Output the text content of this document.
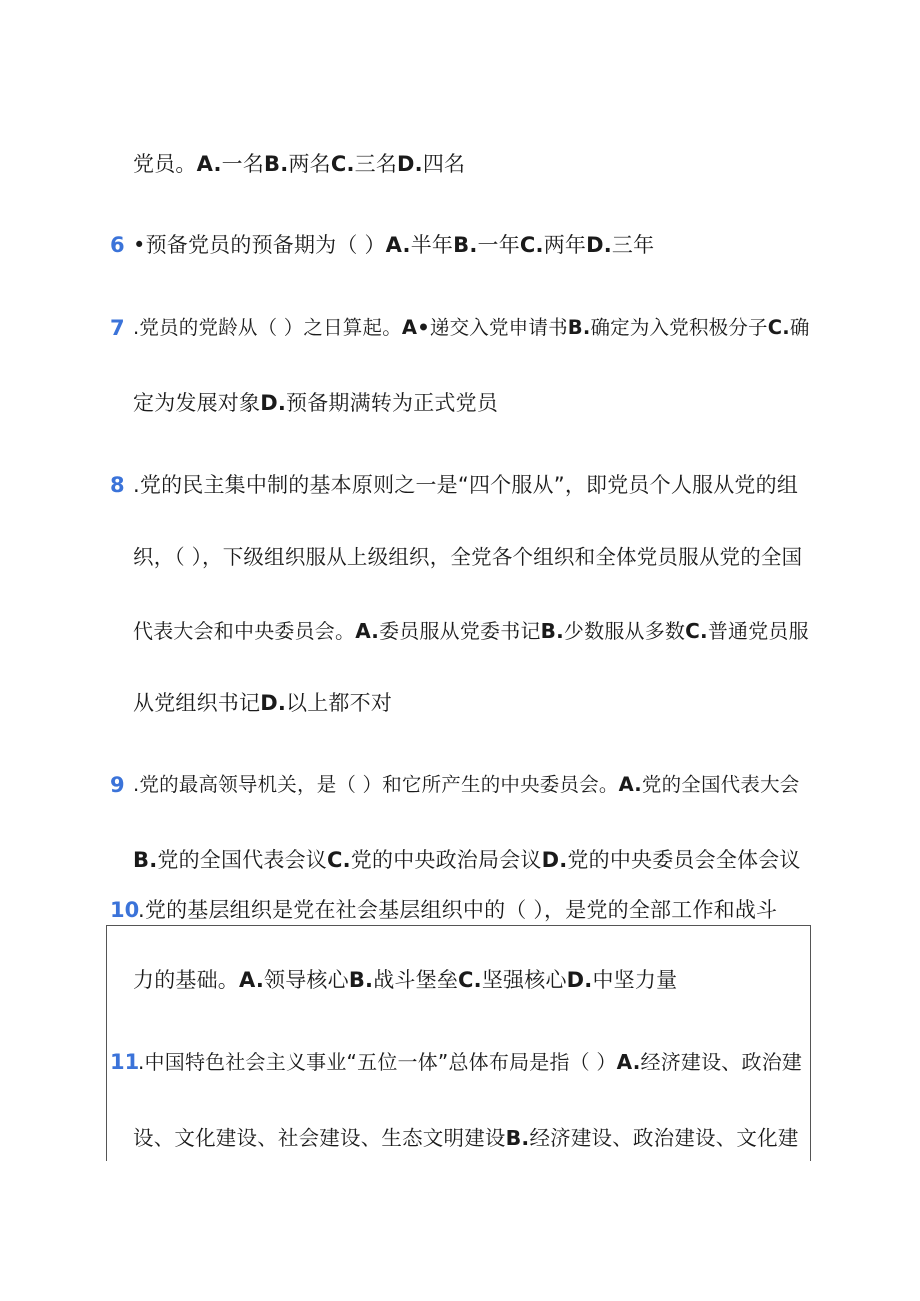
党员。A.一名B.两名C.三名D.四名
6 •预备党员的预备期为（ ）A.半年B.一年C.两年D.三年
7 .党员的党龄从（ ）之日算起。A•递交入党申请书B.确定为入党积极分子C.确
定为发展对象D.预备期满转为正式党员
8 .党的民主集中制的基本原则之一是“四个服从”，即党员个人服从党的组
织，（ ），下级组织服从上级组织，全党各个组织和全体党员服从党的全国
代表大会和中央委员会。A.委员服从党委书记B.少数服从多数C.普通党员服
从党组织书记D.以上都不对
9 .党的最高领导机关，是（ ）和它所产生的中央委员会。A.党的全国代表大会
B.党的全国代表会议C.党的中央政治局会议D.党的中央委员会全体会议
10
.党的基层组织是党在社会基层组织中的（ ），是党的全部工作和战斗
力的基础。A.领导核心B.战斗堡垒C.坚强核心D.中坚力量
11
.中国特色社会主义事业“五位一体”总体布局是指（ ）A.经济建设、政治建
设、文化建设、社会建设、生态文明建设B.经济建设、政治建设、文化建
